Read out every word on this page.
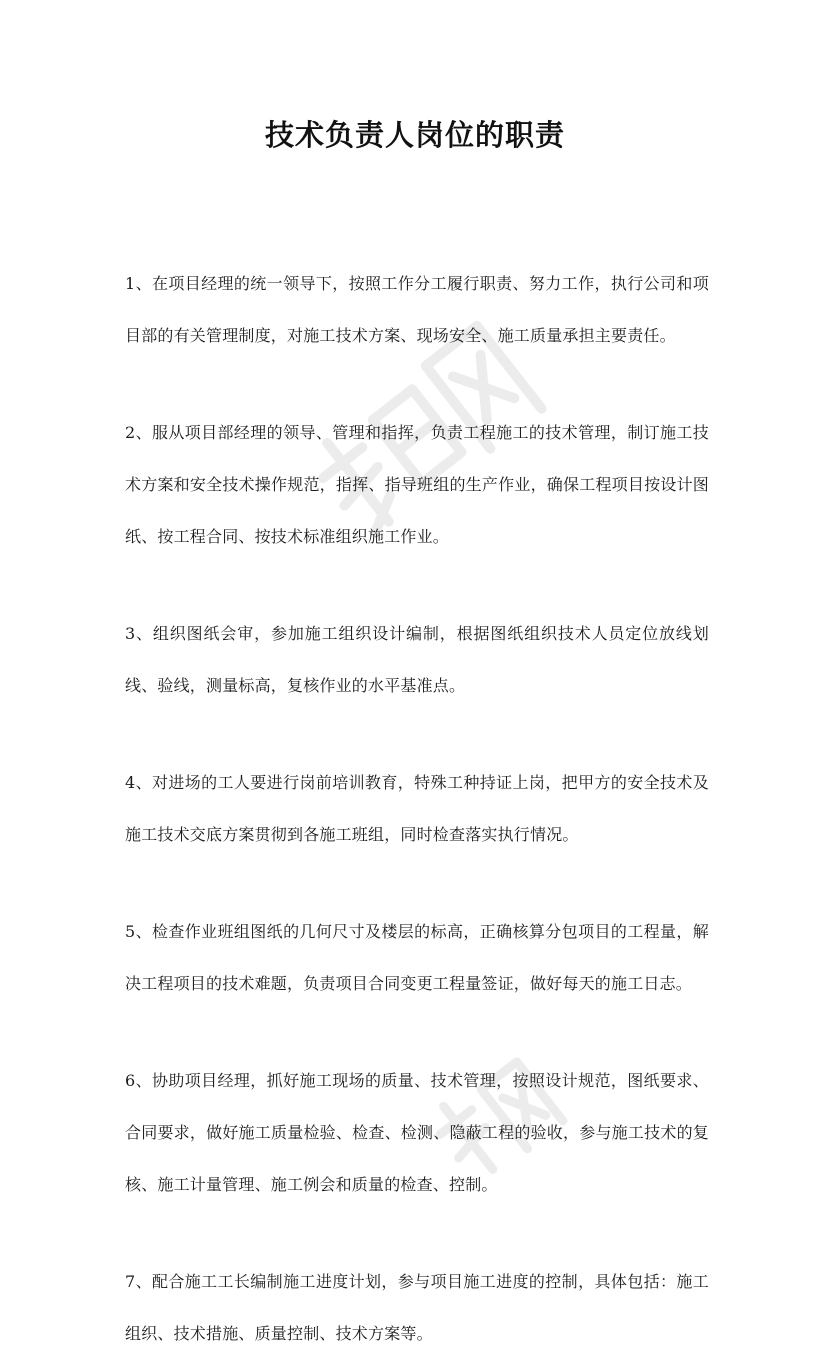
技术负责人岗位的职责

1、在项目经理的统一领导下，按照工作分工履行职责、努力工作，执行公司和项目部的有关管理制度，对施工技术方案、现场安全、施工质量承担主要责任。

2、服从项目部经理的领导、管理和指挥，负责工程施工的技术管理，制订施工技术方案和安全技术操作规范，指挥、指导班组的生产作业，确保工程项目按设计图纸、按工程合同、按技术标准组织施工作业。

3、组织图纸会审，参加施工组织设计编制，根据图纸组织技术人员定位放线划线、验线，测量标高，复核作业的水平基准点。

4、对进场的工人要进行岗前培训教育，特殊工种持证上岗，把甲方的安全技术及施工技术交底方案贯彻到各施工班组，同时检查落实执行情况。

5、检查作业班组图纸的几何尺寸及楼层的标高，正确核算分包项目的工程量，解决工程项目的技术难题，负责项目合同变更工程量签证，做好每天的施工日志。

6、协助项目经理，抓好施工现场的质量、技术管理，按照设计规范，图纸要求、合同要求，做好施工质量检验、检查、检测、隐蔽工程的验收，参与施工技术的复核、施工计量管理、施工例会和质量的检查、控制。

7、配合施工工长编制施工进度计划，参与项目施工进度的控制，具体包括：施工组织、技术措施、质量控制、技术方案等。
